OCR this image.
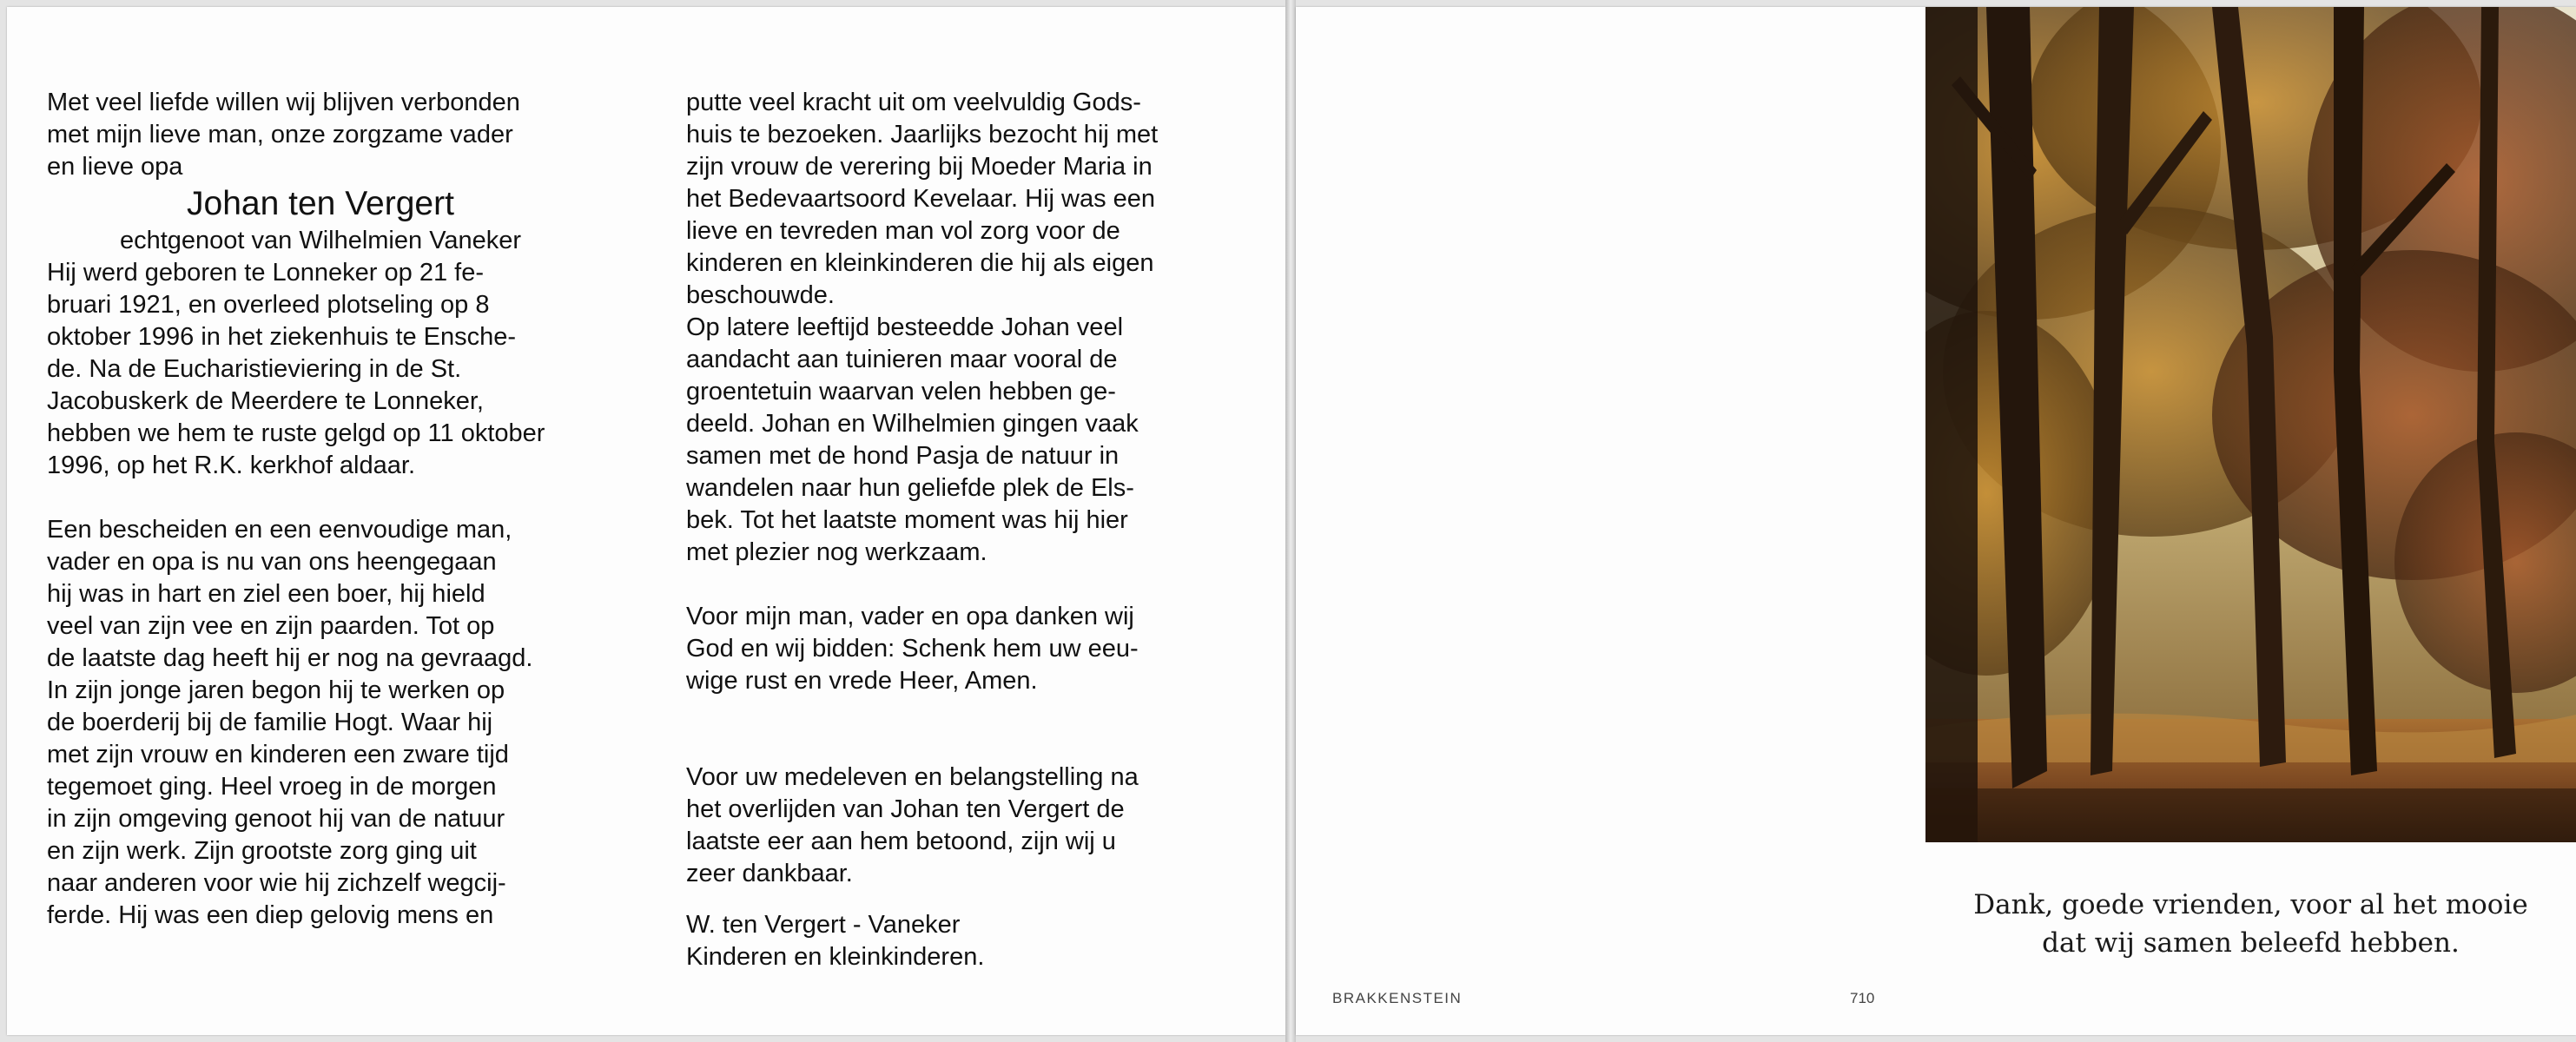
Met veel liefde willen wij blijven verbonden
met mijn lieve man, onze zorgzame vader
en lieve opa

Johan ten Vergert

echtgenoot van Wilhelmien Vaneker

Hij werd geboren te Lonneker op 21 fe-
bruari 1921, en overleed plotseling op 8
oktober 1996 in het ziekenhuis te Ensche-
de. Na de Eucharistieviering in de St.
Jacobuskerk de Meerdere te Lonneker,
hebben we hem te ruste gelgd op 11 oktober
1996, op het R.K. kerkhof aldaar.

Een bescheiden en een eenvoudige man,
vader en opa is nu van ons heengegaan
hij was in hart en ziel een boer, hij hield
veel van zijn vee en zijn paarden. Tot op
de laatste dag heeft hij er nog na gevraagd.
In zijn jonge jaren begon hij te werken op
de boerderij bij de familie Hogt. Waar hij
met zijn vrouw en kinderen een zware tijd
tegemoet ging. Heel vroeg in de morgen
in zijn omgeving genoot hij van de natuur
en zijn werk. Zijn grootste zorg ging uit
naar anderen voor wie hij zichzelf wegcij-
ferde. Hij was een diep gelovig mens en

putte veel kracht uit om veelvuldig Gods-
huis te bezoeken. Jaarlijks bezocht hij met
zijn vrouw de verering bij Moeder Maria in
het Bedevaartsoord Kevelaar. Hij was een
lieve en tevreden man vol zorg voor de
kinderen en kleinkinderen die hij als eigen
beschouwde.
Op latere leeftijd besteedde Johan veel
aandacht aan tuinieren maar vooral de
groentetuin waarvan velen hebben ge-
deeld. Johan en Wilhelmien gingen vaak
samen met de hond Pasja de natuur in
wandelen naar hun geliefde plek de Els-
bek. Tot het laatste moment was hij hier
met plezier nog werkzaam.

Voor mijn man, vader en opa danken wij
God en wij bidden: Schenk hem uw eeu-
wige rust en vrede Heer, Amen.

Voor uw medeleven en belangstelling na
het overlijden van Johan ten Vergert de
laatste eer aan hem betoond, zijn wij u
zeer dankbaar.

W. ten Vergert - Vaneker
Kinderen en kleinkinderen.

Dank, goede vrienden, voor al het mooie
dat wij samen beleefd hebben.
BRAKKENSTEIN	710
